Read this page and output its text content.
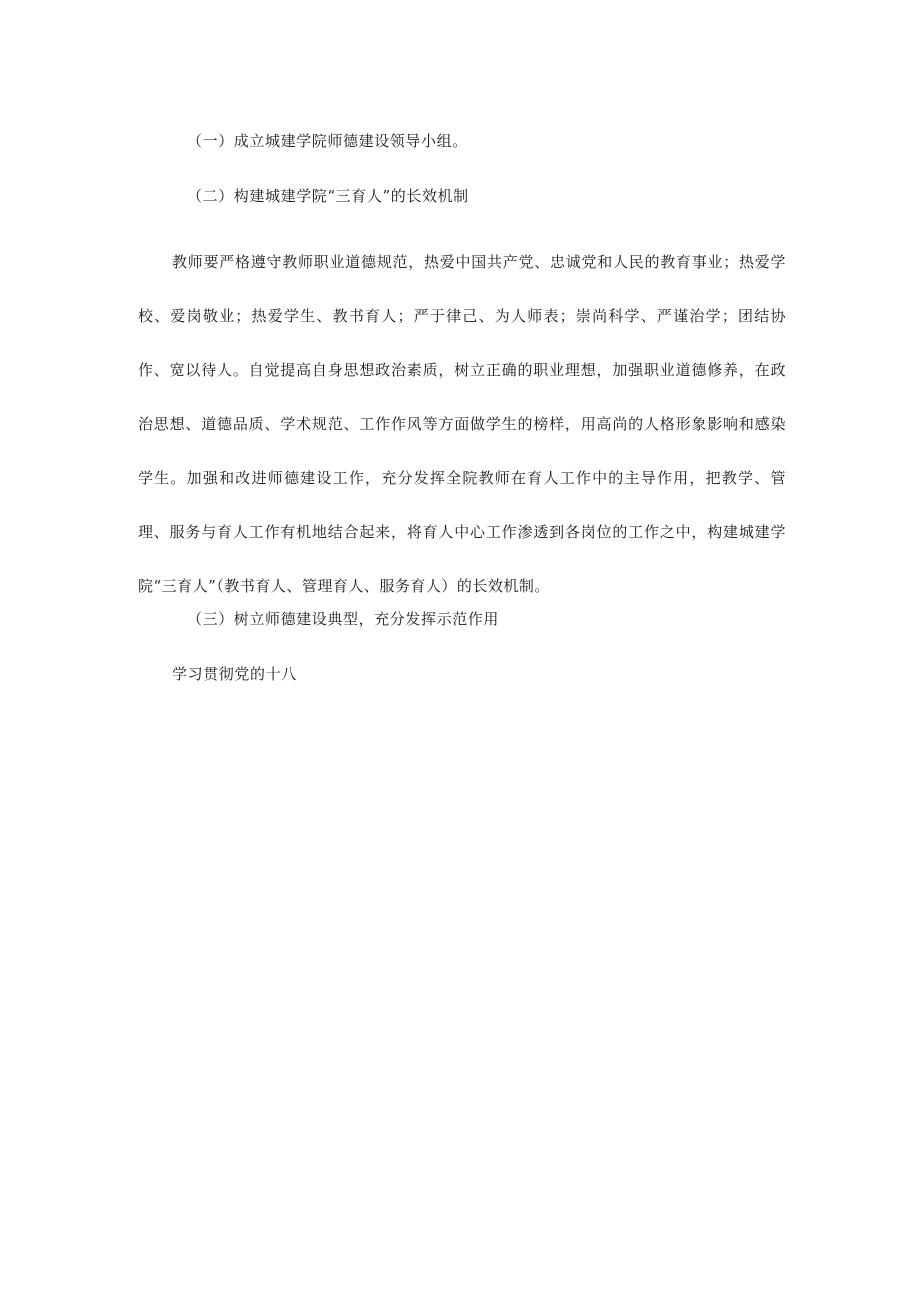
（一）成立城建学院师德建设领导小组。
（二）构建城建学院“三育人”的长效机制

教师要严格遵守教师职业道德规范，热爱中国共产党、忠诚党和人民的教育事业；热爱学校、爱岗敬业；热爱学生、教书育人；严于律己、为人师表；崇尚科学、严谨治学；团结协作、宽以待人。自觉提高自身思想政治素质，树立正确的职业理想，加强职业道德修养，在政治思想、道德品质、学术规范、工作作风等方面做学生的榜样，用高尚的人格形象影响和感染学生。加强和改进师德建设工作，充分发挥全院教师在育人工作中的主导作用，把教学、管理、服务与育人工作有机地结合起来，将育人中心工作渗透到各岗位的工作之中，构建城建学院“三育人”（教书育人、管理育人、服务育人）的长效机制。

（三）树立师德建设典型，充分发挥示范作用
学习贯彻党的十八
